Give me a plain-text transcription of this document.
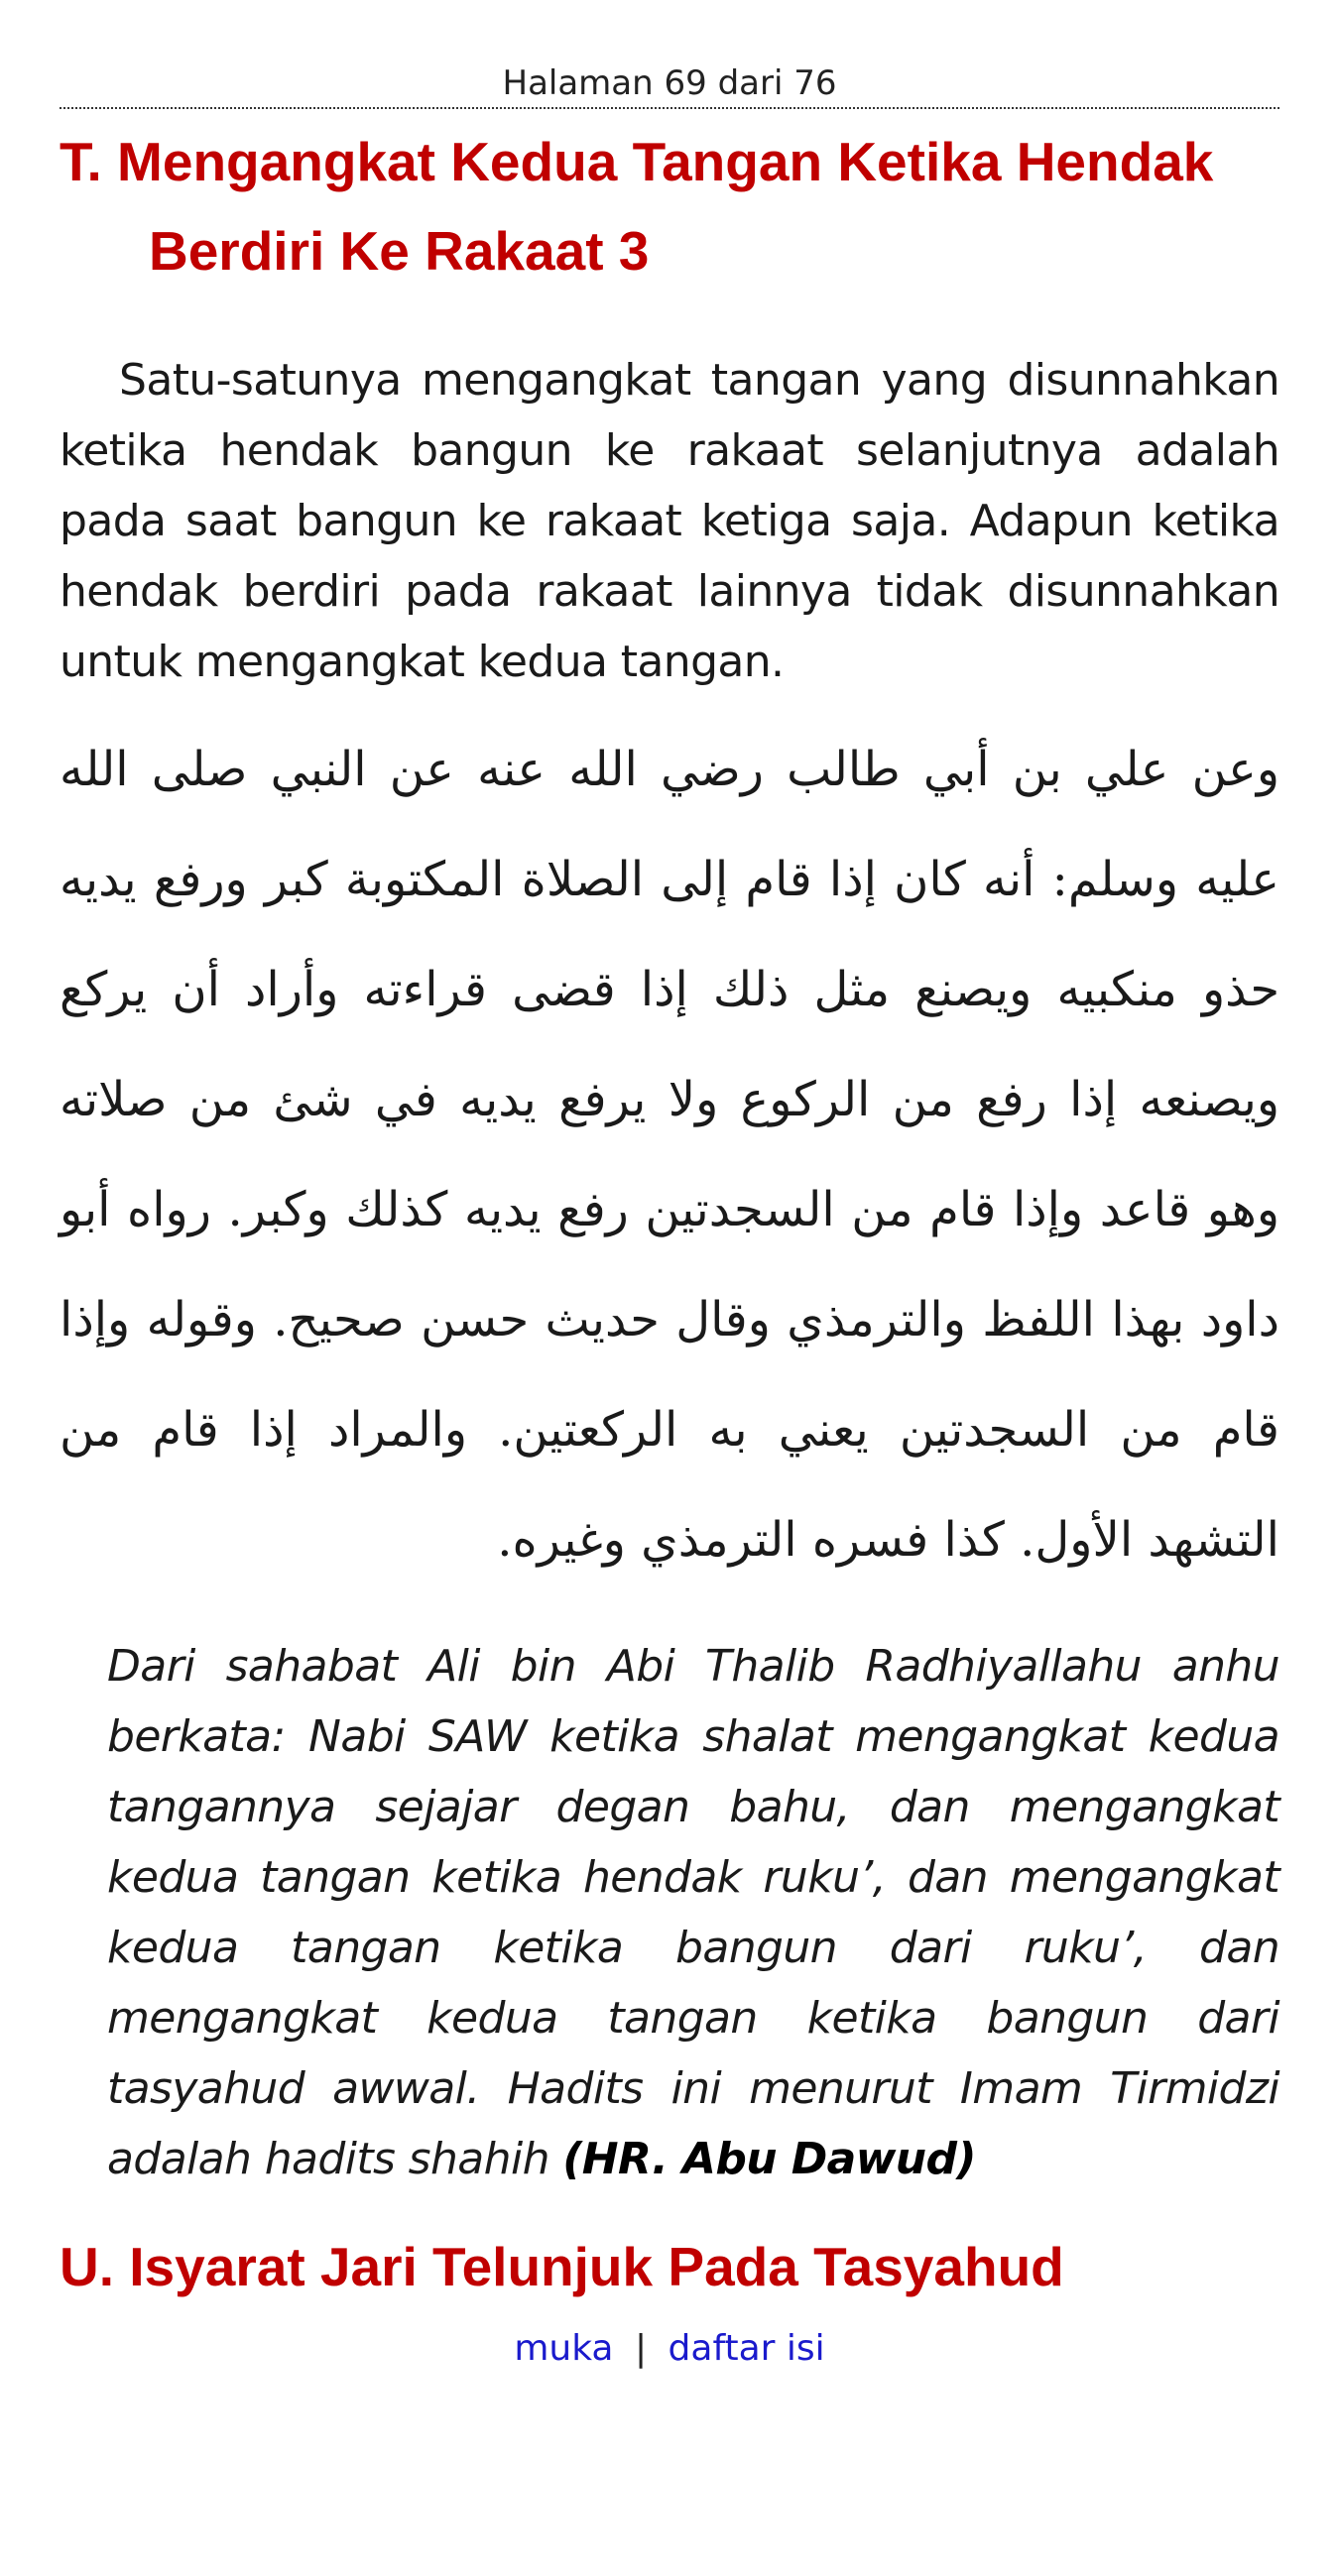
Halaman 69 dari 76
T. Mengangkat Kedua Tangan Ketika Hendak Berdiri Ke Rakaat 3

Satu-satunya mengangkat tangan yang disunnahkan ketika hendak bangun ke rakaat selanjutnya adalah pada saat bangun ke rakaat ketiga saja. Adapun ketika hendak berdiri pada rakaat lainnya tidak disunnahkan untuk mengangkat kedua tangan.

وعن علي بن أبي طالب رضي الله عنه عن النبي صلى الله عليه وسلم: أنه كان إذا قام إلى الصلاة المكتوبة كبر ورفع يديه حذو منكبيه ويصنع مثل ذلك إذا قضى قراءته وأراد أن يركع ويصنعه إذا رفع من الركوع ولا يرفع يديه في شئ من صلاته وهو قاعد وإذا قام من السجدتين رفع يديه كذلك وكبر. رواه أبو داود بهذا اللفظ والترمذي وقال حديث حسن صحيح. وقوله وإذا قام من السجدتين يعني به الركعتين. والمراد إذا قام من التشهد الأول. كذا فسره الترمذي وغيره.

Dari sahabat Ali bin Abi Thalib Radhiyallahu anhu berkata: Nabi SAW ketika shalat mengangkat kedua tangannya sejajar degan bahu, dan mengangkat kedua tangan ketika hendak ruku’, dan mengangkat kedua tangan ketika bangun dari ruku’, dan mengangkat kedua tangan ketika bangun dari tasyahud awwal. Hadits ini menurut Imam Tirmidzi adalah hadits shahih (HR. Abu Dawud)

U. Isyarat Jari Telunjuk Pada Tasyahud
muka | daftar isi
